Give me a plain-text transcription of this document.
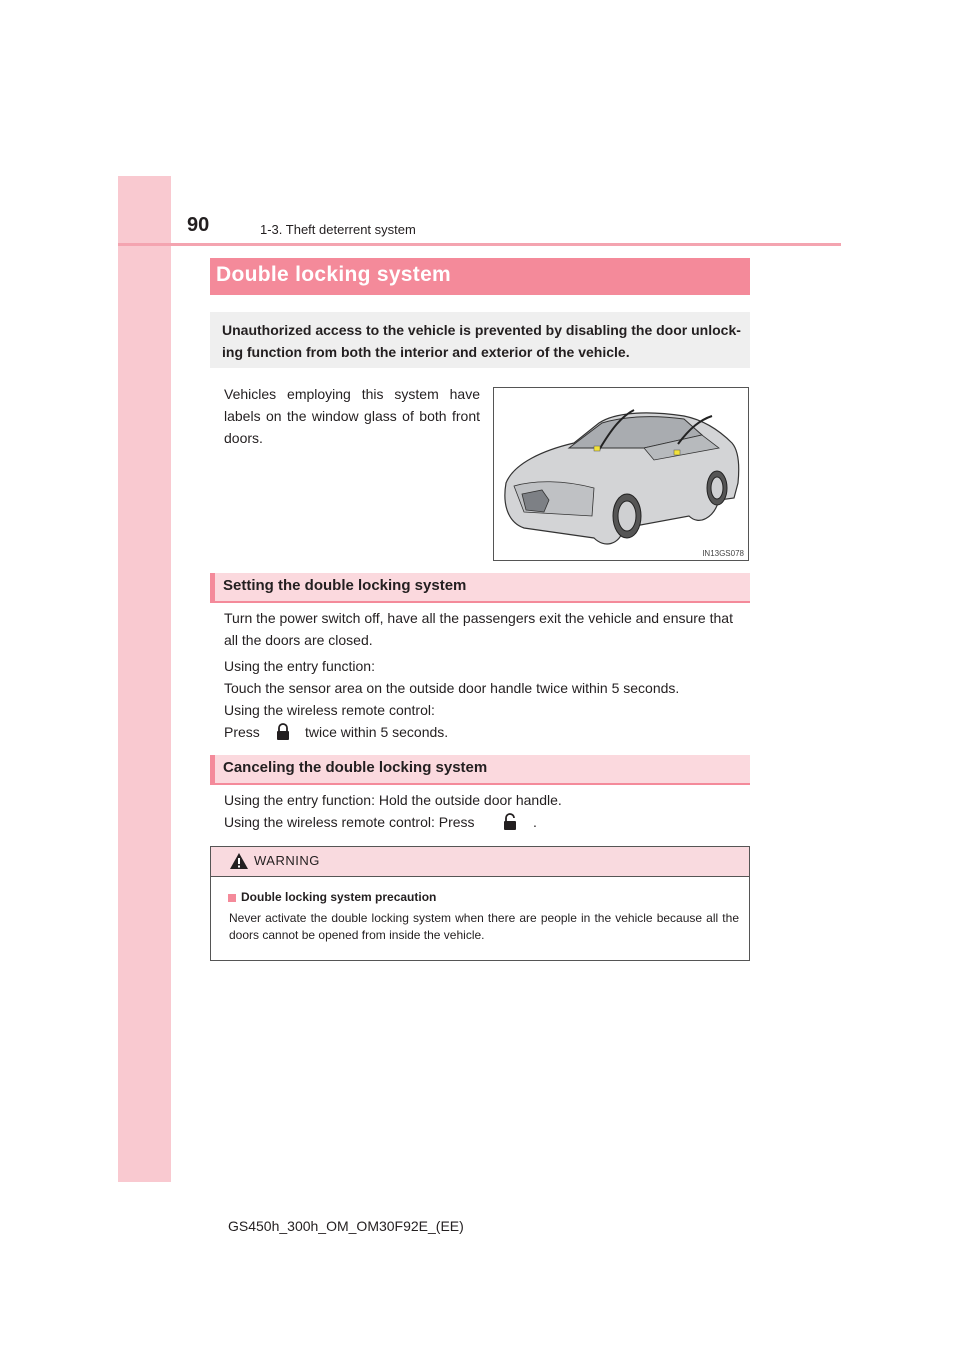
90	1-3. Theft deterrent system
Double locking system

Unauthorized access to the vehicle is prevented by disabling the door unlock-ing function from both the interior and exterior of the vehicle.

Vehicles employing this system have labels on the window glass of both front doors.

IN13GS078
Setting the double locking system

Turn the power switch off, have all the passengers exit the vehicle and ensure that all the doors are closed.

Using the entry function:

Touch the sensor area on the outside door handle twice within 5 seconds.

Using the wireless remote control:

Press	twice within 5 seconds.

Canceling the double locking system

Using the entry function: Hold the outside door handle.

Using the wireless remote control: Press	.

WARNING
Double locking system precaution

Never activate the double locking system when there are people in the vehicle because all the doors cannot be opened from inside the vehicle.

GS450h_300h_OM_OM30F92E_(EE)
